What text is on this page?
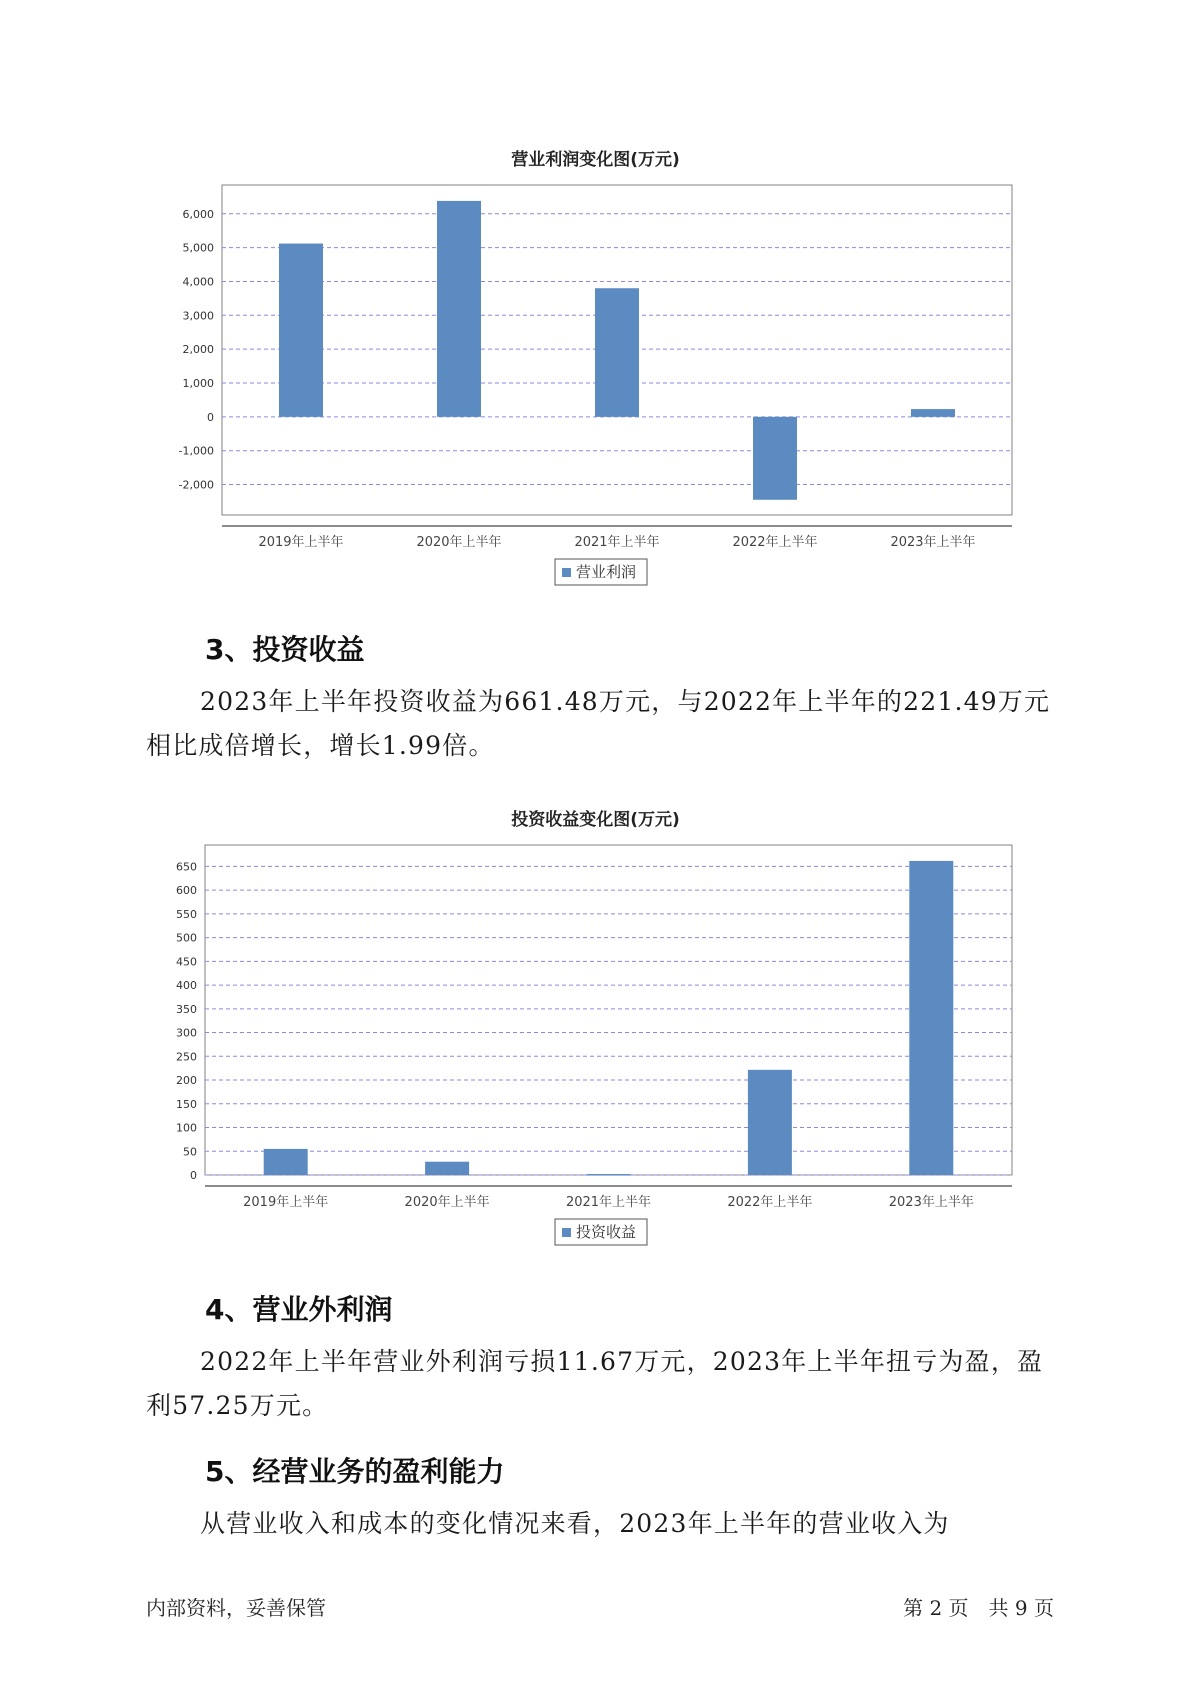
营业利润变化图(万元)
6,000
5,000
4,000
3,000
2,000
1,000
0
-1,000
-2,000
2019年上半年	2020年上半年	2021年上半年	2022年上半年	2023年上半年
营业利润
3、投资收益
2023年上半年投资收益为661.48万元，与2022年上半年的221.49万元相比成倍增长，增长1.99倍。
投资收益变化图(万元)
650
600
550
500
450
400
350
300
250
200
150
100
50
0
2019年上半年	2020年上半年	2021年上半年	2022年上半年	2023年上半年
投资收益
4、营业外利润
2022年上半年营业外利润亏损11.67万元，2023年上半年扭亏为盈，盈利57.25万元。
5、经营业务的盈利能力
从营业收入和成本的变化情况来看，2023年上半年的营业收入为
内部资料，妥善保管	第 2 页　共 9 页
